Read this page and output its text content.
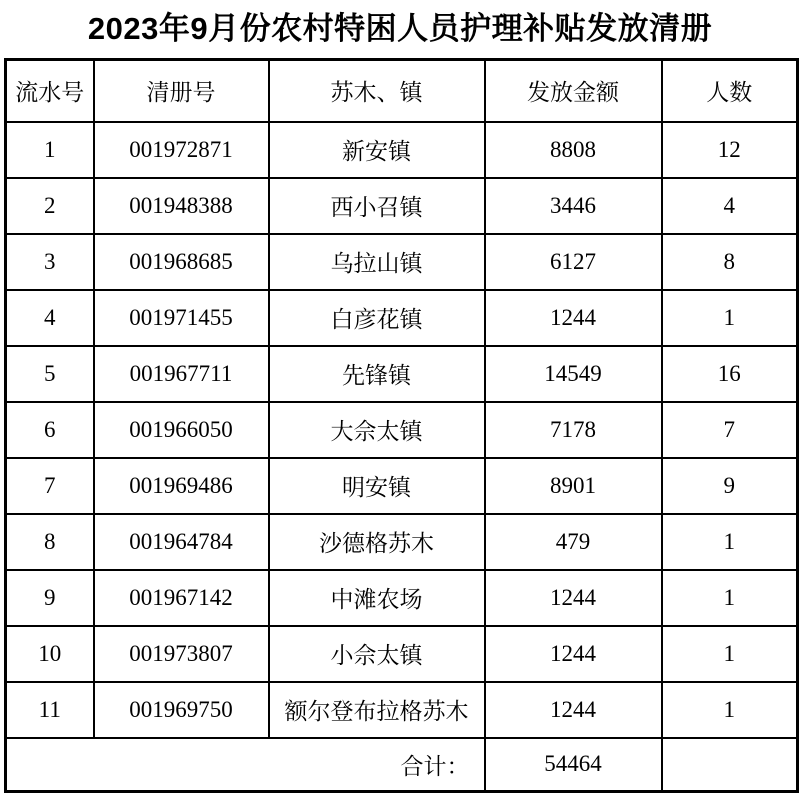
2023年9月份农村特困人员护理补贴发放清册
流水号	清册号	苏木、镇	发放金额	人数
1	001972871	新安镇	8808	12
2	001948388	西小召镇	3446	4
3	001968685	乌拉山镇	6127	8
4	001971455	白彦花镇	1244	1
5	001967711	先锋镇	14549	16
6	001966050	大佘太镇	7178	7
7	001969486	明安镇	8901	9
8	001964784	沙德格苏木	479	1
9	001967142	中滩农场	1244	1
10	001973807	小佘太镇	1244	1
11	001969750	额尔登布拉格苏木	1244	1
合计：			54464	
